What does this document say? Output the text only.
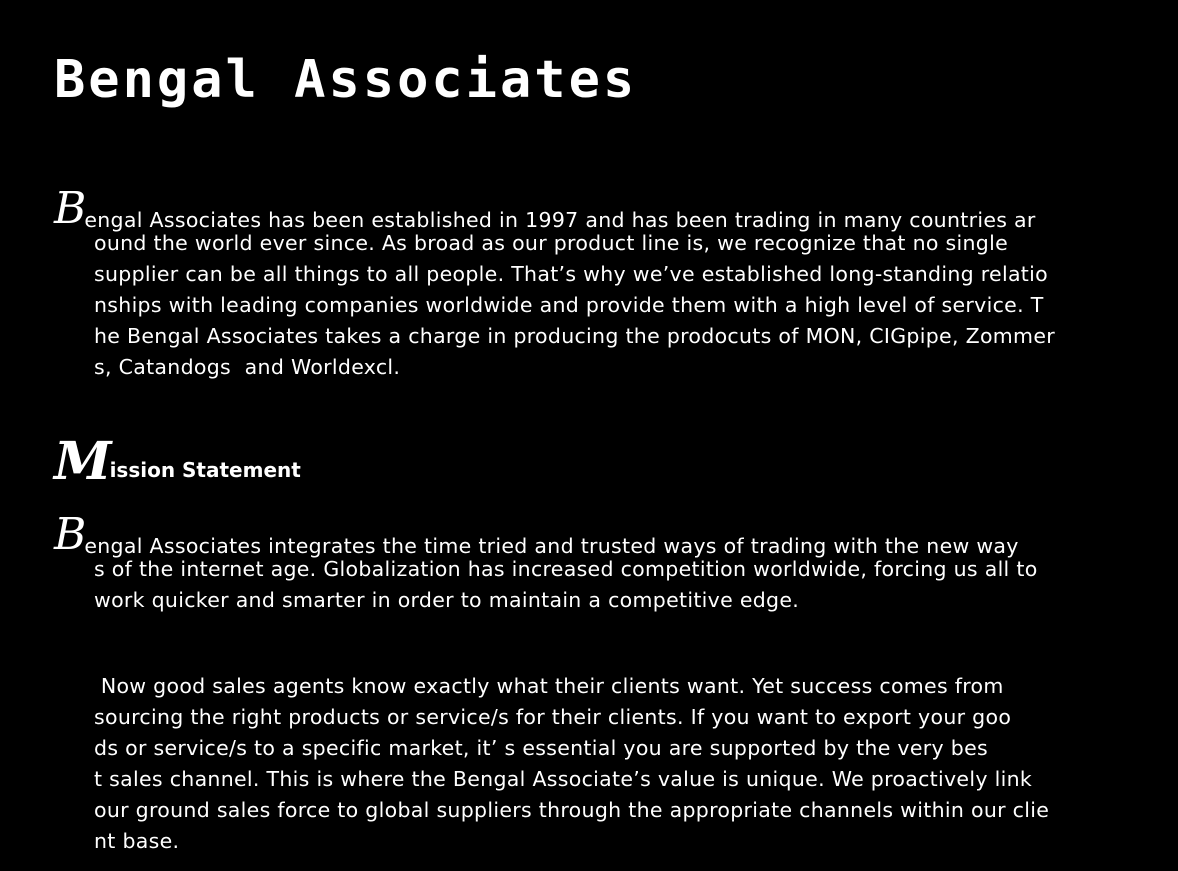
Bengal Associates
Bengal Associates has been established in 1997 and has been trading in many countries ar
ound the world ever since. As broad as our product line is, we recognize that no single
supplier can be all things to all people. That’s why we’ve established long-standing relatio
nships with leading companies worldwide and provide them with a high level of service. T
he Bengal Associates takes a charge in producing the prodocuts of MON, CIGpipe, Zommer
s, Catandogs  and Worldexcl.
Mission Statement
Bengal Associates integrates the time tried and trusted ways of trading with the new way
s of the internet age. Globalization has increased competition worldwide, forcing us all to
work quicker and smarter in order to maintain a competitive edge.
Now good sales agents know exactly what their clients want. Yet success comes from
sourcing the right products or service/s for their clients. If you want to export your goo
ds or service/s to a specific market, it’ s essential you are supported by the very bes
t sales channel. This is where the Bengal Associate’s value is unique. We proactively link
our ground sales force to global suppliers through the appropriate channels within our clie
nt base.
